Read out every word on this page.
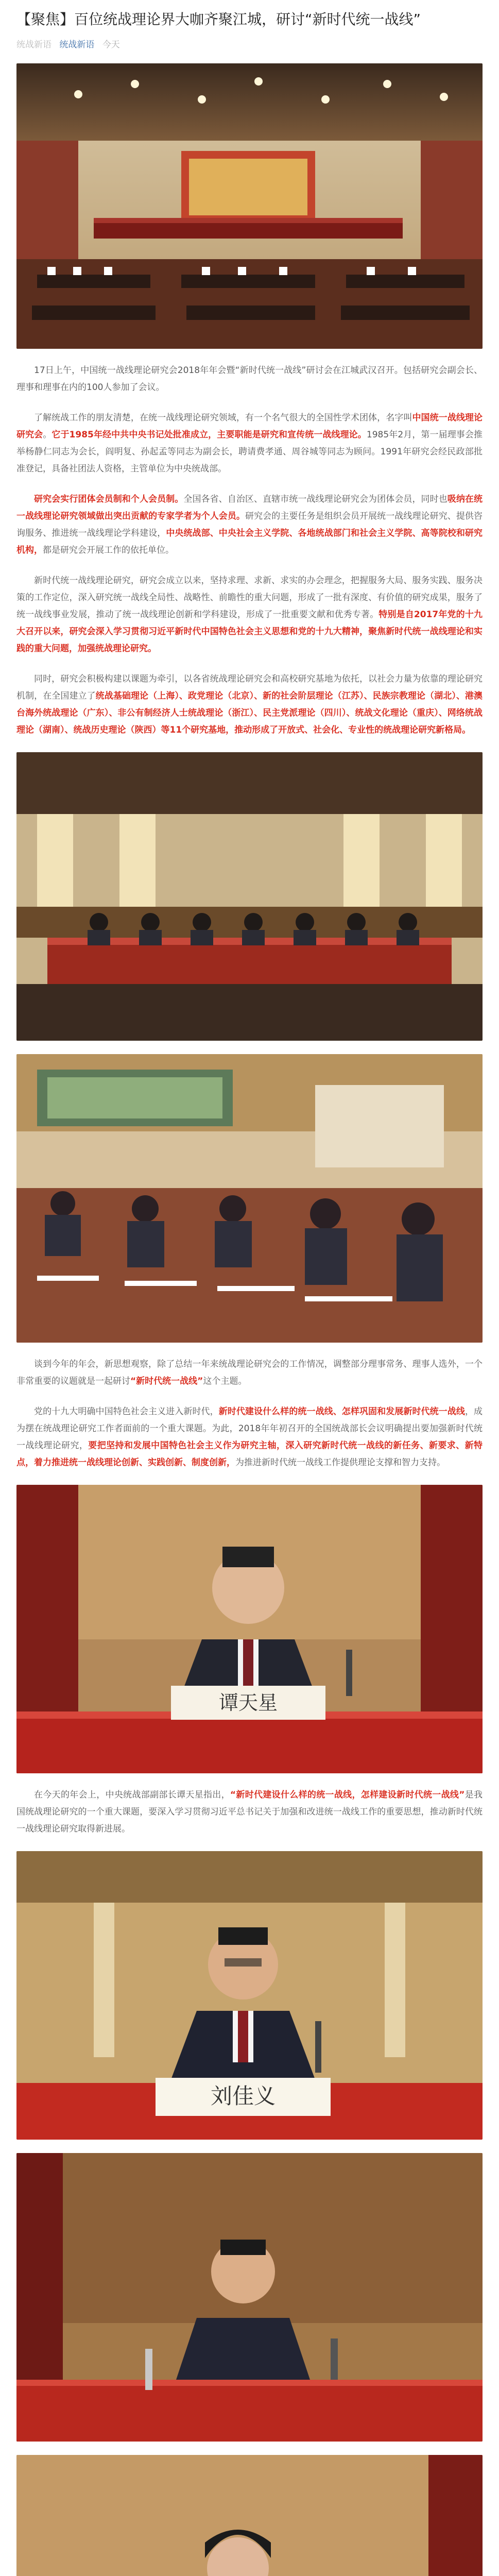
【聚焦】百位统战理论界大咖齐聚江城，研讨“新时代统一战线”
统战新语 统战新语 今天

17日上午，中国统一战线理论研究会2018年年会暨“新时代统一战线”研讨会在江城武汉召开。包括研究会副会长、理事和理事在内的100人参加了会议。

了解统战工作的朋友清楚，在统一战线理论研究领域，有一个名气很大的全国性学术团体，名字叫中国统一战线理论研究会。它于1985年经中共中央书记处批准成立，主要职能是研究和宣传统一战线理论。1985年2月，第一届理事会推举杨静仁同志为会长，阎明复、孙起孟等同志为副会长，聘请费孝通、周谷城等同志为顾问。1991年研究会经民政部批准登记，具备社团法人资格，主管单位为中央统战部。

研究会实行团体会员制和个人会员制。全国各省、自治区、直辖市统一战线理论研究会为团体会员，同时也吸纳在统一战线理论研究领域做出突出贡献的专家学者为个人会员。研究会的主要任务是组织会员开展统一战线理论研究、提供咨询服务、推进统一战线理论学科建设，中央统战部、中央社会主义学院、各地统战部门和社会主义学院、高等院校和研究机构，都是研究会开展工作的依托单位。

新时代统一战线理论研究，研究会成立以来，坚持求理、求新、求实的办会理念，把握服务大局、服务实践、服务决策的工作定位，深入研究统一战线全局性、战略性、前瞻性的重大问题，形成了一批有深度、有价值的研究成果，服务了统一战线事业发展，推动了统一战线理论创新和学科建设，形成了一批重要文献和优秀专著。特别是自2017年党的十九大召开以来，研究会深入学习贯彻习近平新时代中国特色社会主义思想和党的十九大精神，聚焦新时代统一战线理论和实践的重大问题，加强统战理论研究。

同时，研究会积极构建以课题为牵引，以各省统战理论研究会和高校研究基地为依托，以社会力量为依靠的理论研究机制，在全国建立了统战基础理论（上海）、政党理论（北京）、新的社会阶层理论（江苏）、民族宗教理论（湖北）、港澳台海外统战理论（广东）、非公有制经济人士统战理论（浙江）、民主党派理论（四川）、统战文化理论（重庆）、网络统战理论（湖南）、统战历史理论（陕西）等11个研究基地，推动形成了开放式、社会化、专业性的统战理论研究新格局。

谈到今年的年会，新思想观察，除了总结一年来统战理论研究会的工作情况，调整部分理事常务、理事人选外，一个非常重要的议题就是一起研讨“新时代统一战线”这个主题。

党的十九大明确中国特色社会主义进入新时代，新时代建设什么样的统一战线、怎样巩固和发展新时代统一战线，成为摆在统战理论研究工作者面前的一个重大课题。为此，2018年年初召开的全国统战部长会议明确提出要加强新时代统一战线理论研究，要把坚持和发展中国特色社会主义作为研究主轴，深入研究新时代统一战线的新任务、新要求、新特点，着力推进统一战线理论创新、实践创新、制度创新，为推进新时代统一战线工作提供理论支撑和智力支持。

谭天星

在今天的年会上，中央统战部副部长谭天星指出，“新时代建设什么样的统一战线，怎样建设新时代统一战线”是我国统战理论研究的一个重大课题，要深入学习贯彻习近平总书记关于加强和改进统一战线工作的重要思想，推动新时代统一战线理论研究取得新进展。

刘佳义
